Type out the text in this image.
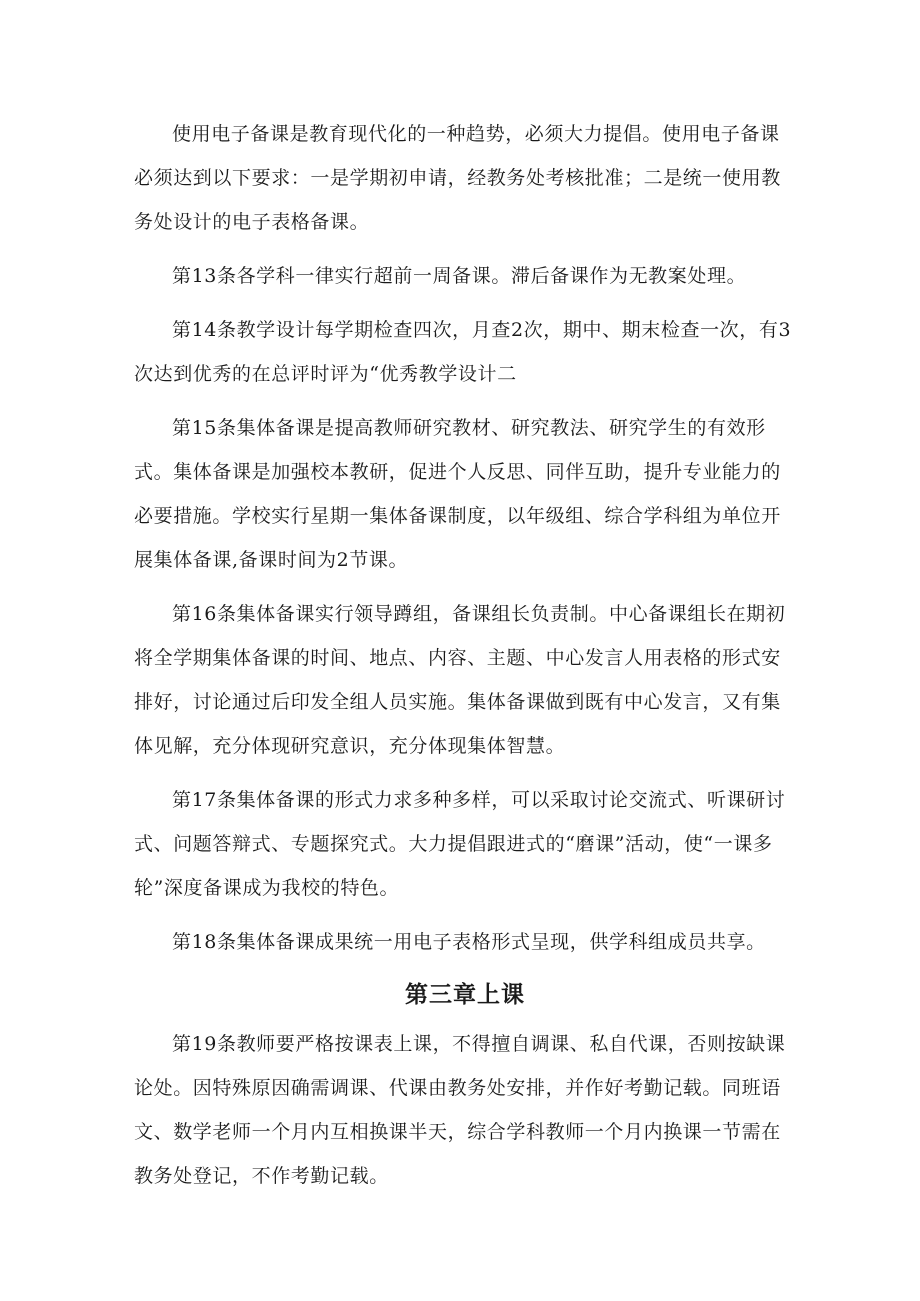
使用电子备课是教育现代化的一种趋势，必须大力提倡。使用电子备课必须达到以下要求：一是学期初申请，经教务处考核批准；二是统一使用教务处设计的电子表格备课。

第13条各学科一律实行超前一周备课。滞后备课作为无教案处理。

第14条教学设计每学期检查四次，月查2次，期中、期末检查一次，有3次达到优秀的在总评时评为“优秀教学设计二

第15条集体备课是提高教师研究教材、研究教法、研究学生的有效形式。集体备课是加强校本教研，促进个人反思、同伴互助，提升专业能力的必要措施。学校实行星期一集体备课制度，以年级组、综合学科组为单位开展集体备课,备课时间为2节课。

第16条集体备课实行领导蹲组，备课组长负责制。中心备课组长在期初将全学期集体备课的时间、地点、内容、主题、中心发言人用表格的形式安排好，讨论通过后印发全组人员实施。集体备课做到既有中心发言，又有集体见解，充分体现研究意识，充分体现集体智慧。

第17条集体备课的形式力求多种多样，可以采取讨论交流式、听课研讨式、问题答辩式、专题探究式。大力提倡跟进式的“磨课”活动，使“一课多轮”深度备课成为我校的特色。

第18条集体备课成果统一用电子表格形式呈现，供学科组成员共享。

第三章上课

第19条教师要严格按课表上课，不得擅自调课、私自代课，否则按缺课论处。因特殊原因确需调课、代课由教务处安排，并作好考勤记载。同班语文、数学老师一个月内互相换课半天，综合学科教师一个月内换课一节需在教务处登记，不作考勤记载。
